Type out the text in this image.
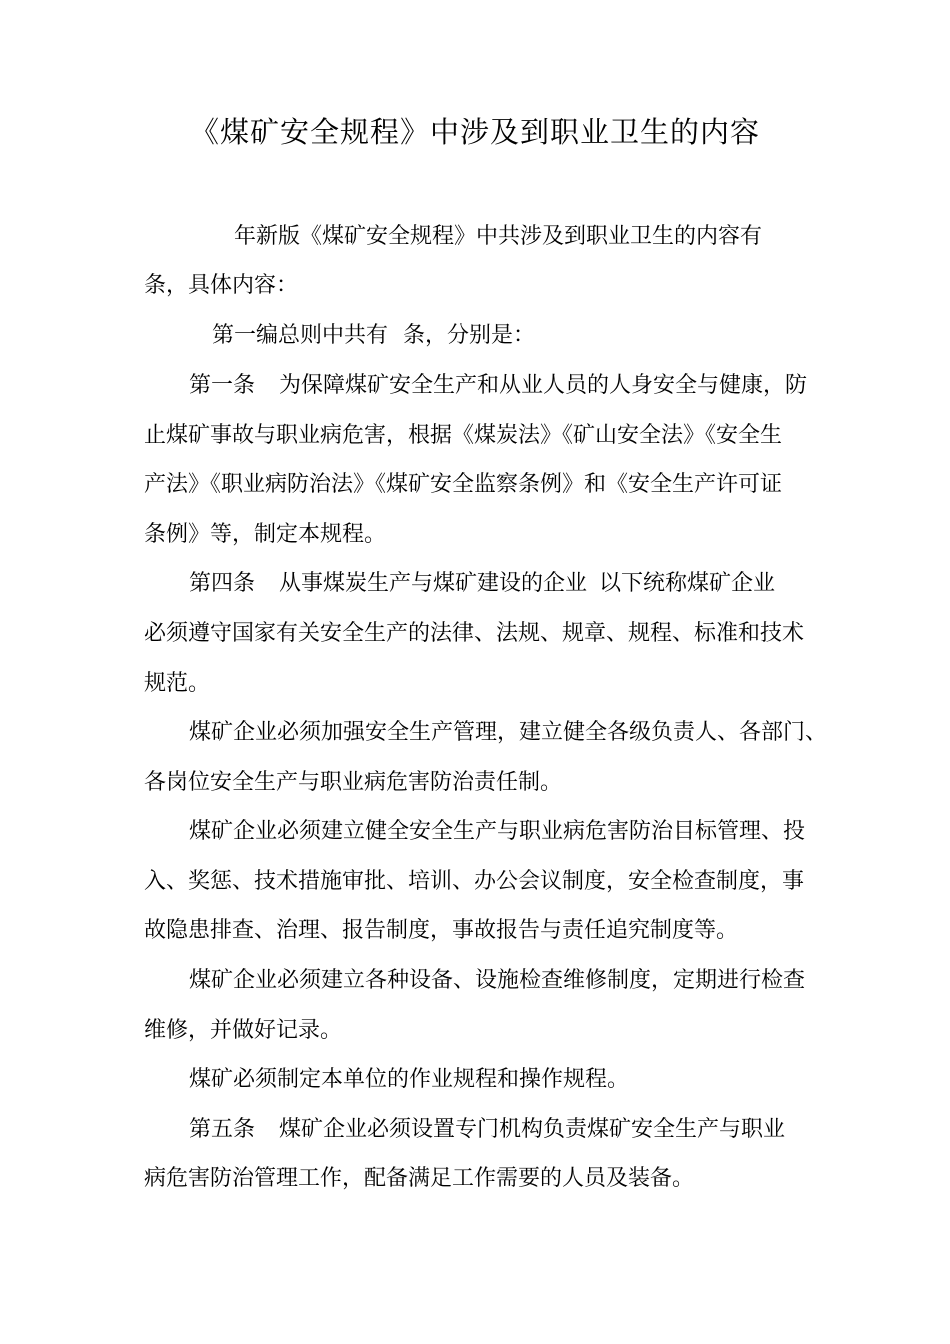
《煤矿安全规程》中涉及到职业卫生的内容
年新版《煤矿安全规程》中共涉及到职业卫生的内容有
条，具体内容：
第一编总则中共有 条，分别是：
第一条 为保障煤矿安全生产和从业人员的人身安全与健康，防
止煤矿事故与职业病危害，根据《煤炭法》《矿山安全法》《安全生
产法》《职业病防治法》《煤矿安全监察条例》和《安全生产许可证
条例》等，制定本规程。
第四条 从事煤炭生产与煤矿建设的企业 以下统称煤矿企业
必须遵守国家有关安全生产的法律、法规、规章、规程、标准和技术
规范。
煤矿企业必须加强安全生产管理，建立健全各级负责人、各部门、
各岗位安全生产与职业病危害防治责任制。
煤矿企业必须建立健全安全生产与职业病危害防治目标管理、投
入、奖惩、技术措施审批、培训、办公会议制度，安全检查制度，事
故隐患排查、治理、报告制度，事故报告与责任追究制度等。
煤矿企业必须建立各种设备、设施检查维修制度，定期进行检查
维修，并做好记录。
煤矿必须制定本单位的作业规程和操作规程。
第五条 煤矿企业必须设置专门机构负责煤矿安全生产与职业
病危害防治管理工作，配备满足工作需要的人员及装备。
